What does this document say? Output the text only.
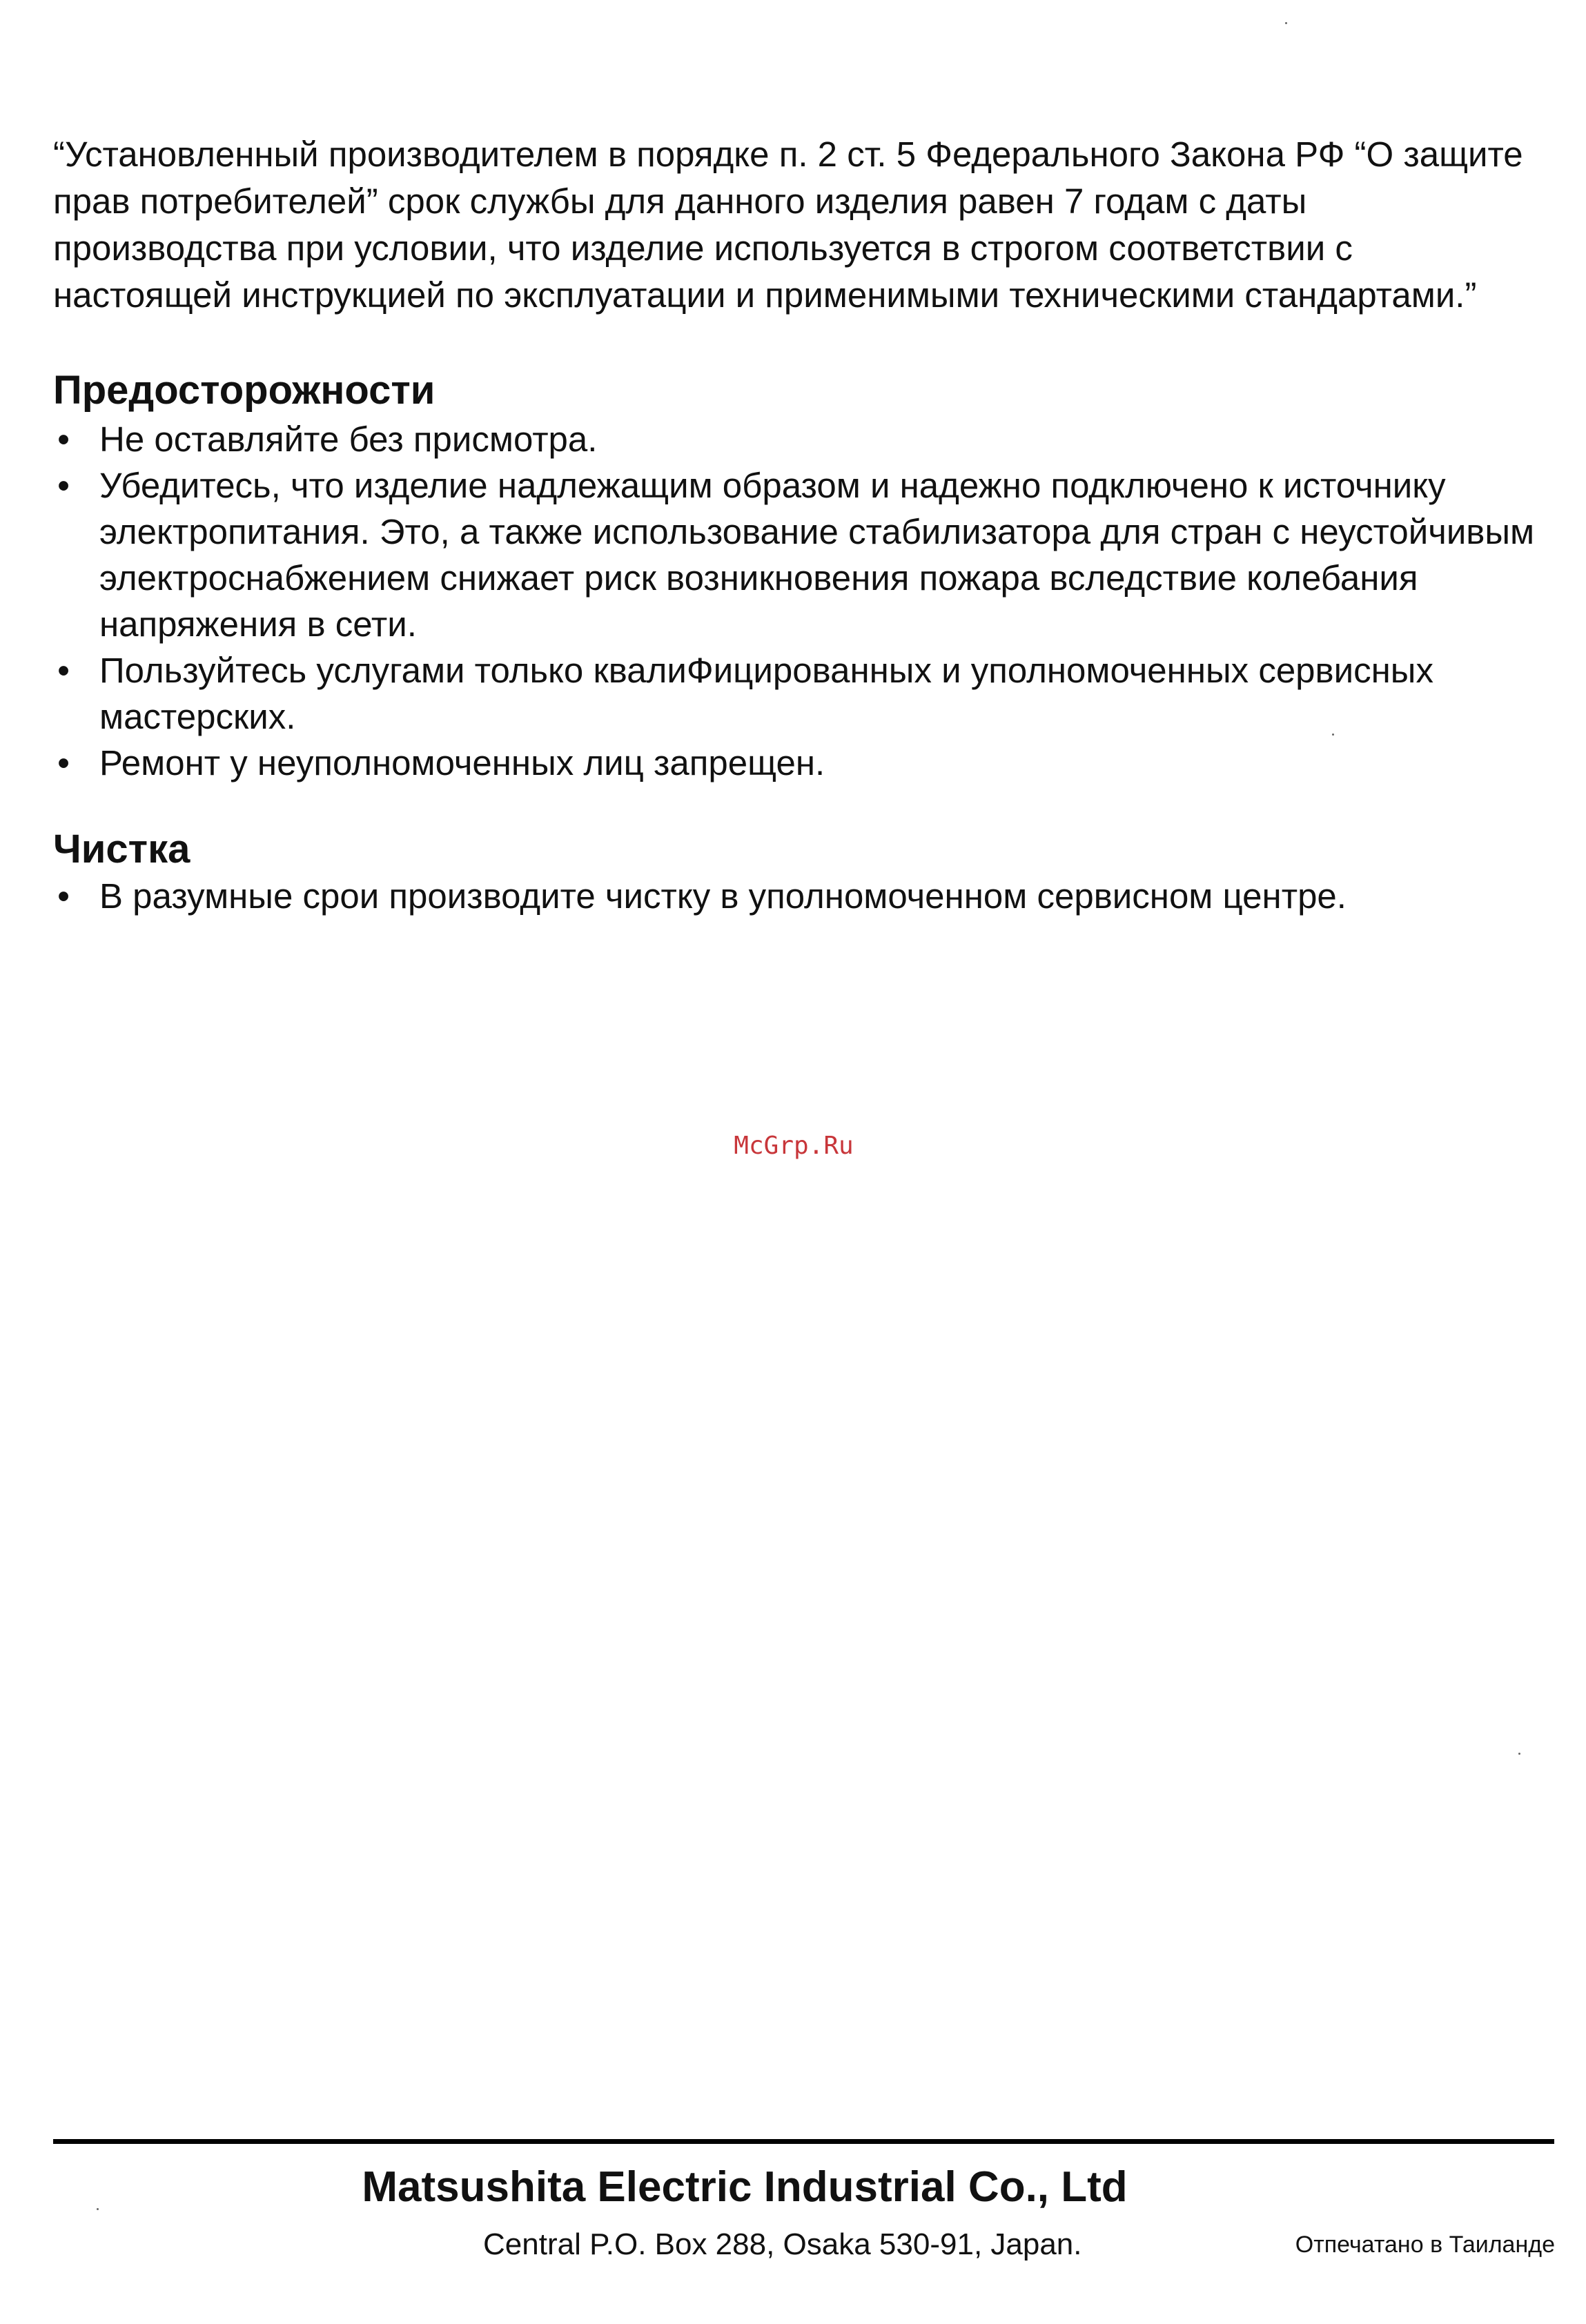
“Установленный производителем в порядке п. 2 ст. 5 Федерального Закона РФ “О защите прав потребителей” срок службы для данного изделия равен 7 годам с даты производства при условии, что изделие используется в строгом соответствии с настоящей инструкцией по эксплуатации и применимыми техническими стандартами.”

Предосторожности
• Не оставляйте без присмотра.
• Убедитесь, что изделие надлежащим образом и надежно подключено к источнику электропитания. Это, а также использование стабилизатора для стран с неустойчивым электроснабжением снижает риск возникновения пожара вследствие колебания напряжения в сети.
• Пользуйтесь услугами только квалиФицированных и уполномоченных сервисных мастерских.
• Ремонт у неуполномоченных лиц запрещен.
Чистка
• В разумные срои производите чистку в уполномоченном сервисном центре.
McGrp.Ru
Matsushita Electric Industrial Co., Ltd
Central P.O. Box 288, Osaka 530-91, Japan.	Отпечатано в Таиланде
